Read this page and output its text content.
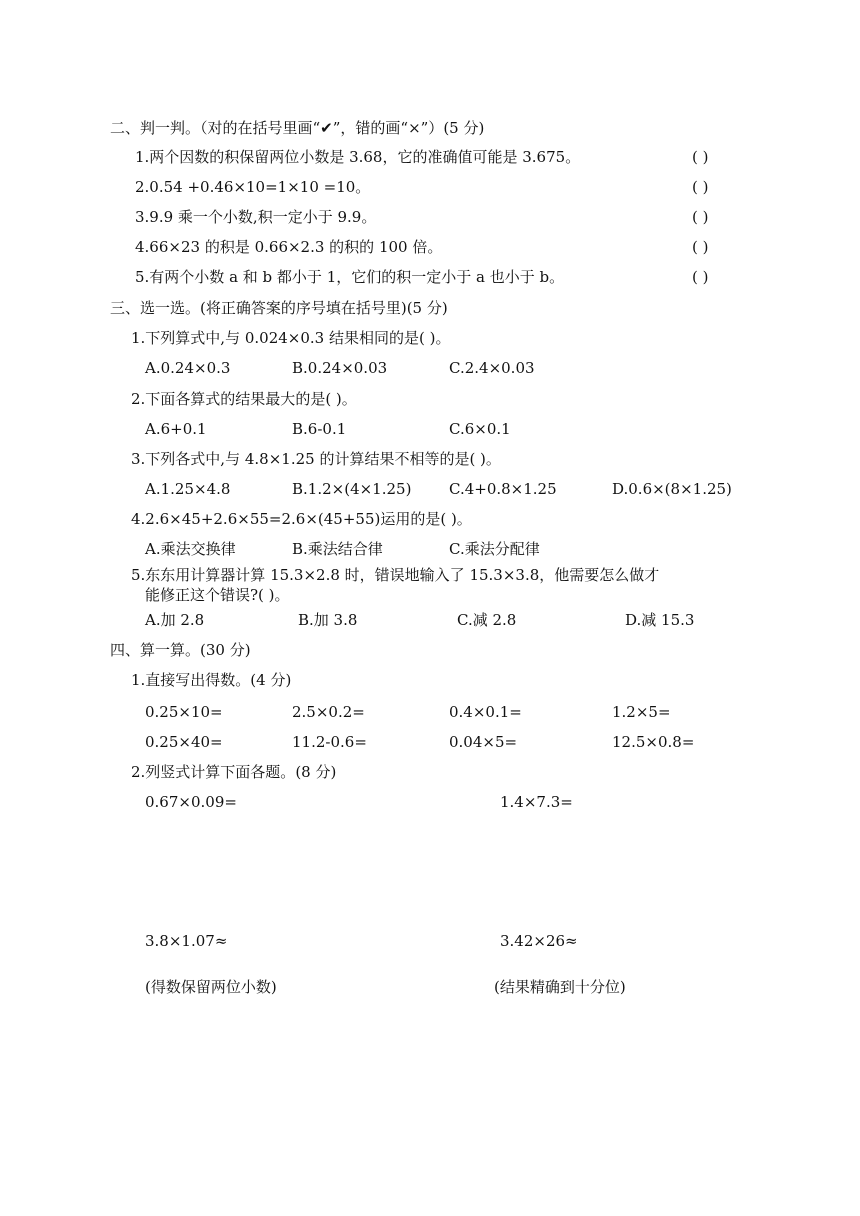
二、判一判。（对的在括号里画“✔”，错的画“×”）(5 分)
1.两个因数的积保留两位小数是 3.68，它的准确值可能是 3.675。	( )
2.0.54 +0.46×10=1×10 =10。	( )
3.9.9 乘一个小数,积一定小于 9.9。	( )
4.66×23 的积是 0.66×2.3 的积的 100 倍。	( )
5.有两个小数 a 和 b 都小于 1，它们的积一定小于 a 也小于 b。	( )
三、选一选。(将正确答案的序号填在括号里)(5 分)
1.下列算式中,与 0.024×0.3 结果相同的是( )。
A.0.24×0.3	B.0.24×0.03	C.2.4×0.03
2.下面各算式的结果最大的是( )。
A.6+0.1	B.6-0.1	C.6×0.1
3.下列各式中,与 4.8×1.25 的计算结果不相等的是( )。
A.1.25×4.8	B.1.2×(4×1.25)	C.4+0.8×1.25	D.0.6×(8×1.25)
4.2.6×45+2.6×55=2.6×(45+55)运用的是( )。
A.乘法交换律	B.乘法结合律	C.乘法分配律
5.东东用计算器计算 15.3×2.8 时，错误地输入了 15.3×3.8，他需要怎么做才
能修正这个错误?( )。
A.加 2.8	B.加 3.8	C.减 2.8	D.减 15.3
四、算一算。(30 分)
1.直接写出得数。(4 分)
0.25×10=	2.5×0.2=	0.4×0.1=	1.2×5=
0.25×40=	11.2-0.6=	0.04×5=	12.5×0.8=
2.列竖式计算下面各题。(8 分)
0.67×0.09=	1.4×7.3=
3.8×1.07≈	3.42×26≈
(得数保留两位小数)	(结果精确到十分位)
